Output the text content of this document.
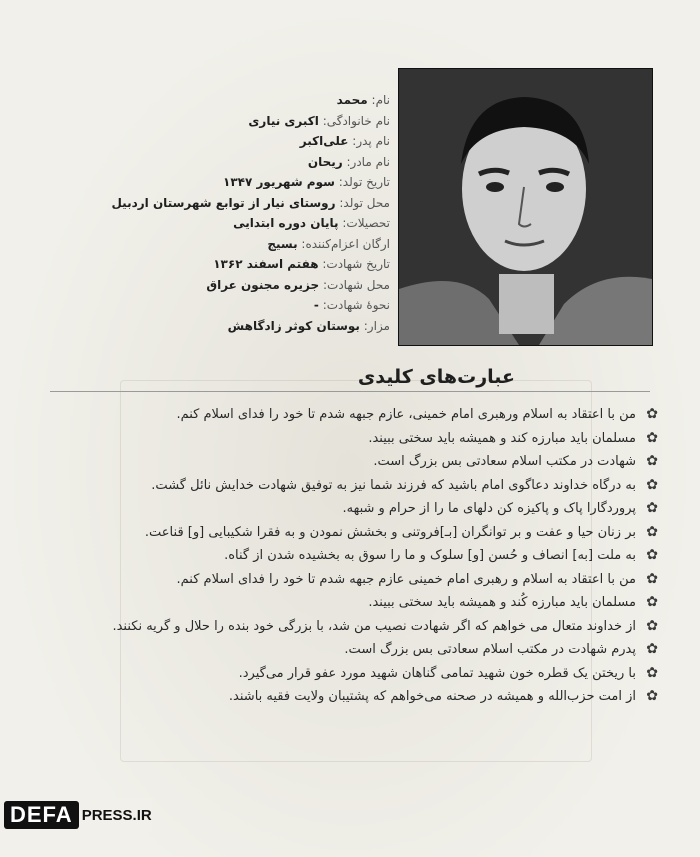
نام: محمد
نام خانوادگی: اکبری نیاری
نام پدر: علی‌اکبر
نام مادر: ریحان
تاریخ تولد: سوم شهریور ۱۳۴۷
محل تولد: روستای نیار از توابع شهرستان اردبیل
تحصیلات: پایان دوره ابتدایی
ارگان اعزام‌کننده: بسیج
تاریخ شهادت: هفتم اسفند ۱۳۶۲
محل شهادت: جزیره مجنون عراق
نحوهٔ شهادت: -
مزار: بوستان کوثر زادگاهش
عبارت‌های کلیدی
✿
من با اعتقاد به اسلام ورهبری امام خمینی، عازم جبهه شدم تا خود را فدای اسلام کنم.
✿
مسلمان باید مبارزه کند و همیشه باید سختی ببیند.
✿
شهادت در مکتب اسلام سعادتی بس بزرگ است.
✿
به درگاه خداوند دعاگوی امام باشید که فرزند شما نیز به توفیق شهادت خدایش نائل گشت.
✿
پروردگارا پاک و پاکیزه کن دلهای ما را از حرام و شبهه.
✿
بر زنان حیا و عفت و بر توانگران [بـ]فروتنی و بخشش نمودن و به فقرا شکیبایی [و] قناعت.
✿
به ملت [به] انصاف و حُسن [و] سلوک و ما را سوق به بخشیده شدن از گناه.
✿
من با اعتقاد به اسلام و رهبری امام خمینی عازم جبهه شدم تا خود را فدای اسلام کنم.
✿
مسلمان باید مبارزه کُند و همیشه باید سختی ببیند.
✿
از خداوند متعال می خواهم که اگر شهادت نصیب من شد، با بزرگی خود بنده را حلال و گریه نکنند.
✿
پدرم شهادت در مکتب اسلام سعادتی بس بزرگ است.
✿
با ریختن یک قطره خون شهید تمامی گناهان شهید مورد عفو قرار می‌گیرد.
✿
از امت حزب‌الله و همیشه در صحنه می‌خواهم که پشتیبان ولایت فقیه باشند.
DEFA PRESS.IR
